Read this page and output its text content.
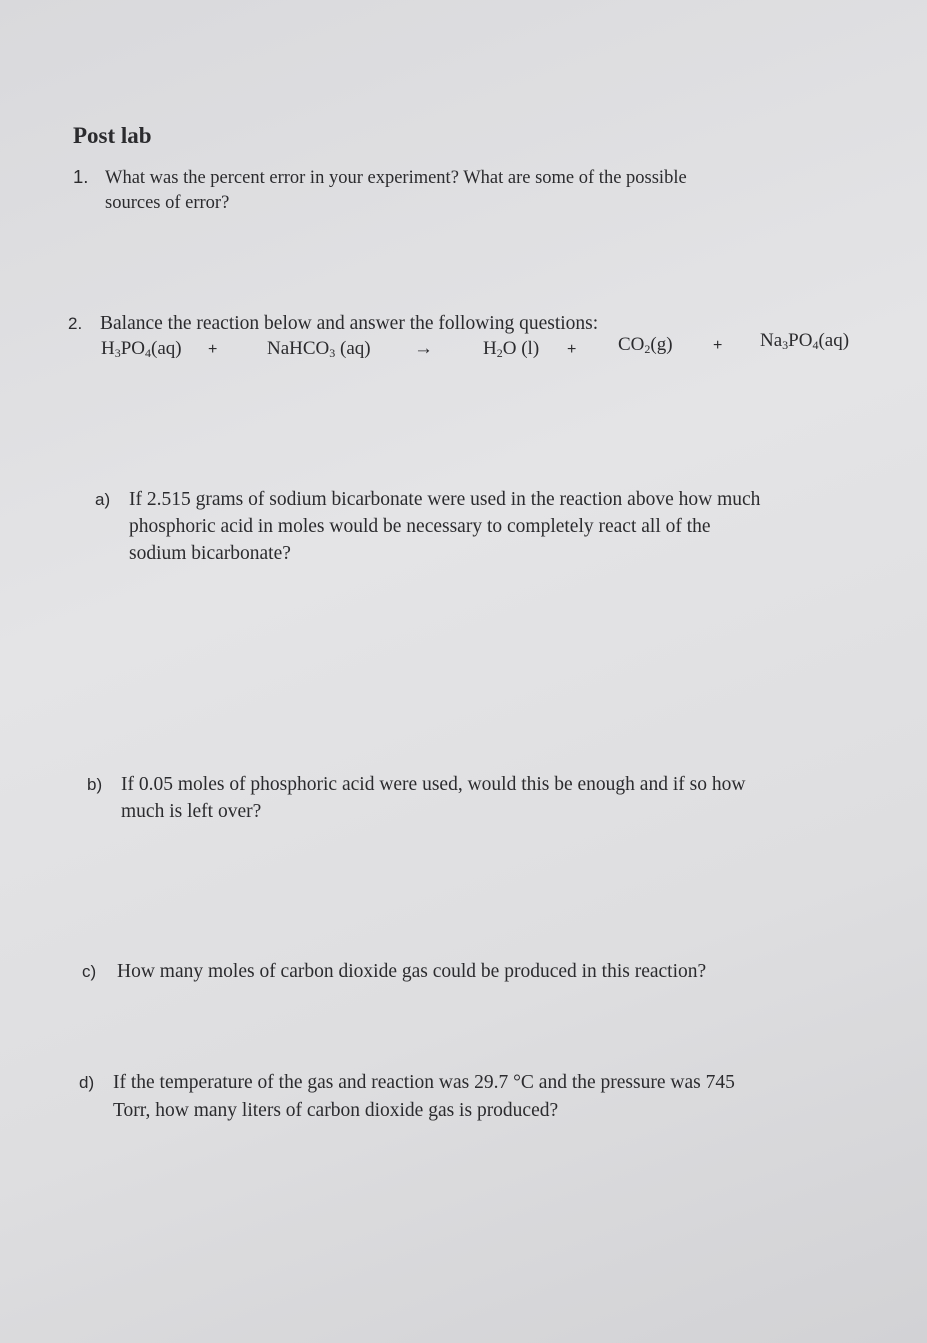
Post lab
1. What was the percent error in your experiment? What are some of the possible
sources of error?
2. Balance the reaction below and answer the following questions:
$H_3PO_4(aq)$ +	NaHCO$_3$ (aq) →	$H_2O$ $(l) + CO_2(g)$	+ $Na_3PO_4(aq)$
a) If 2.515 grams of sodium bicarbonate were used in the reaction above how much
phosphoric acid in moles would be necessary to completely react all of the
sodium bicarbonate?
b) If 0.05 moles of phosphoric acid were used, would this be enough and if so how
much is left over?
c) How many moles of carbon dioxide gas could be produced in this reaction?
d) If the temperature of the gas and reaction was 29.7 °C and the pressure was 745
Torr, how many liters of carbon dioxide gas is produced?
